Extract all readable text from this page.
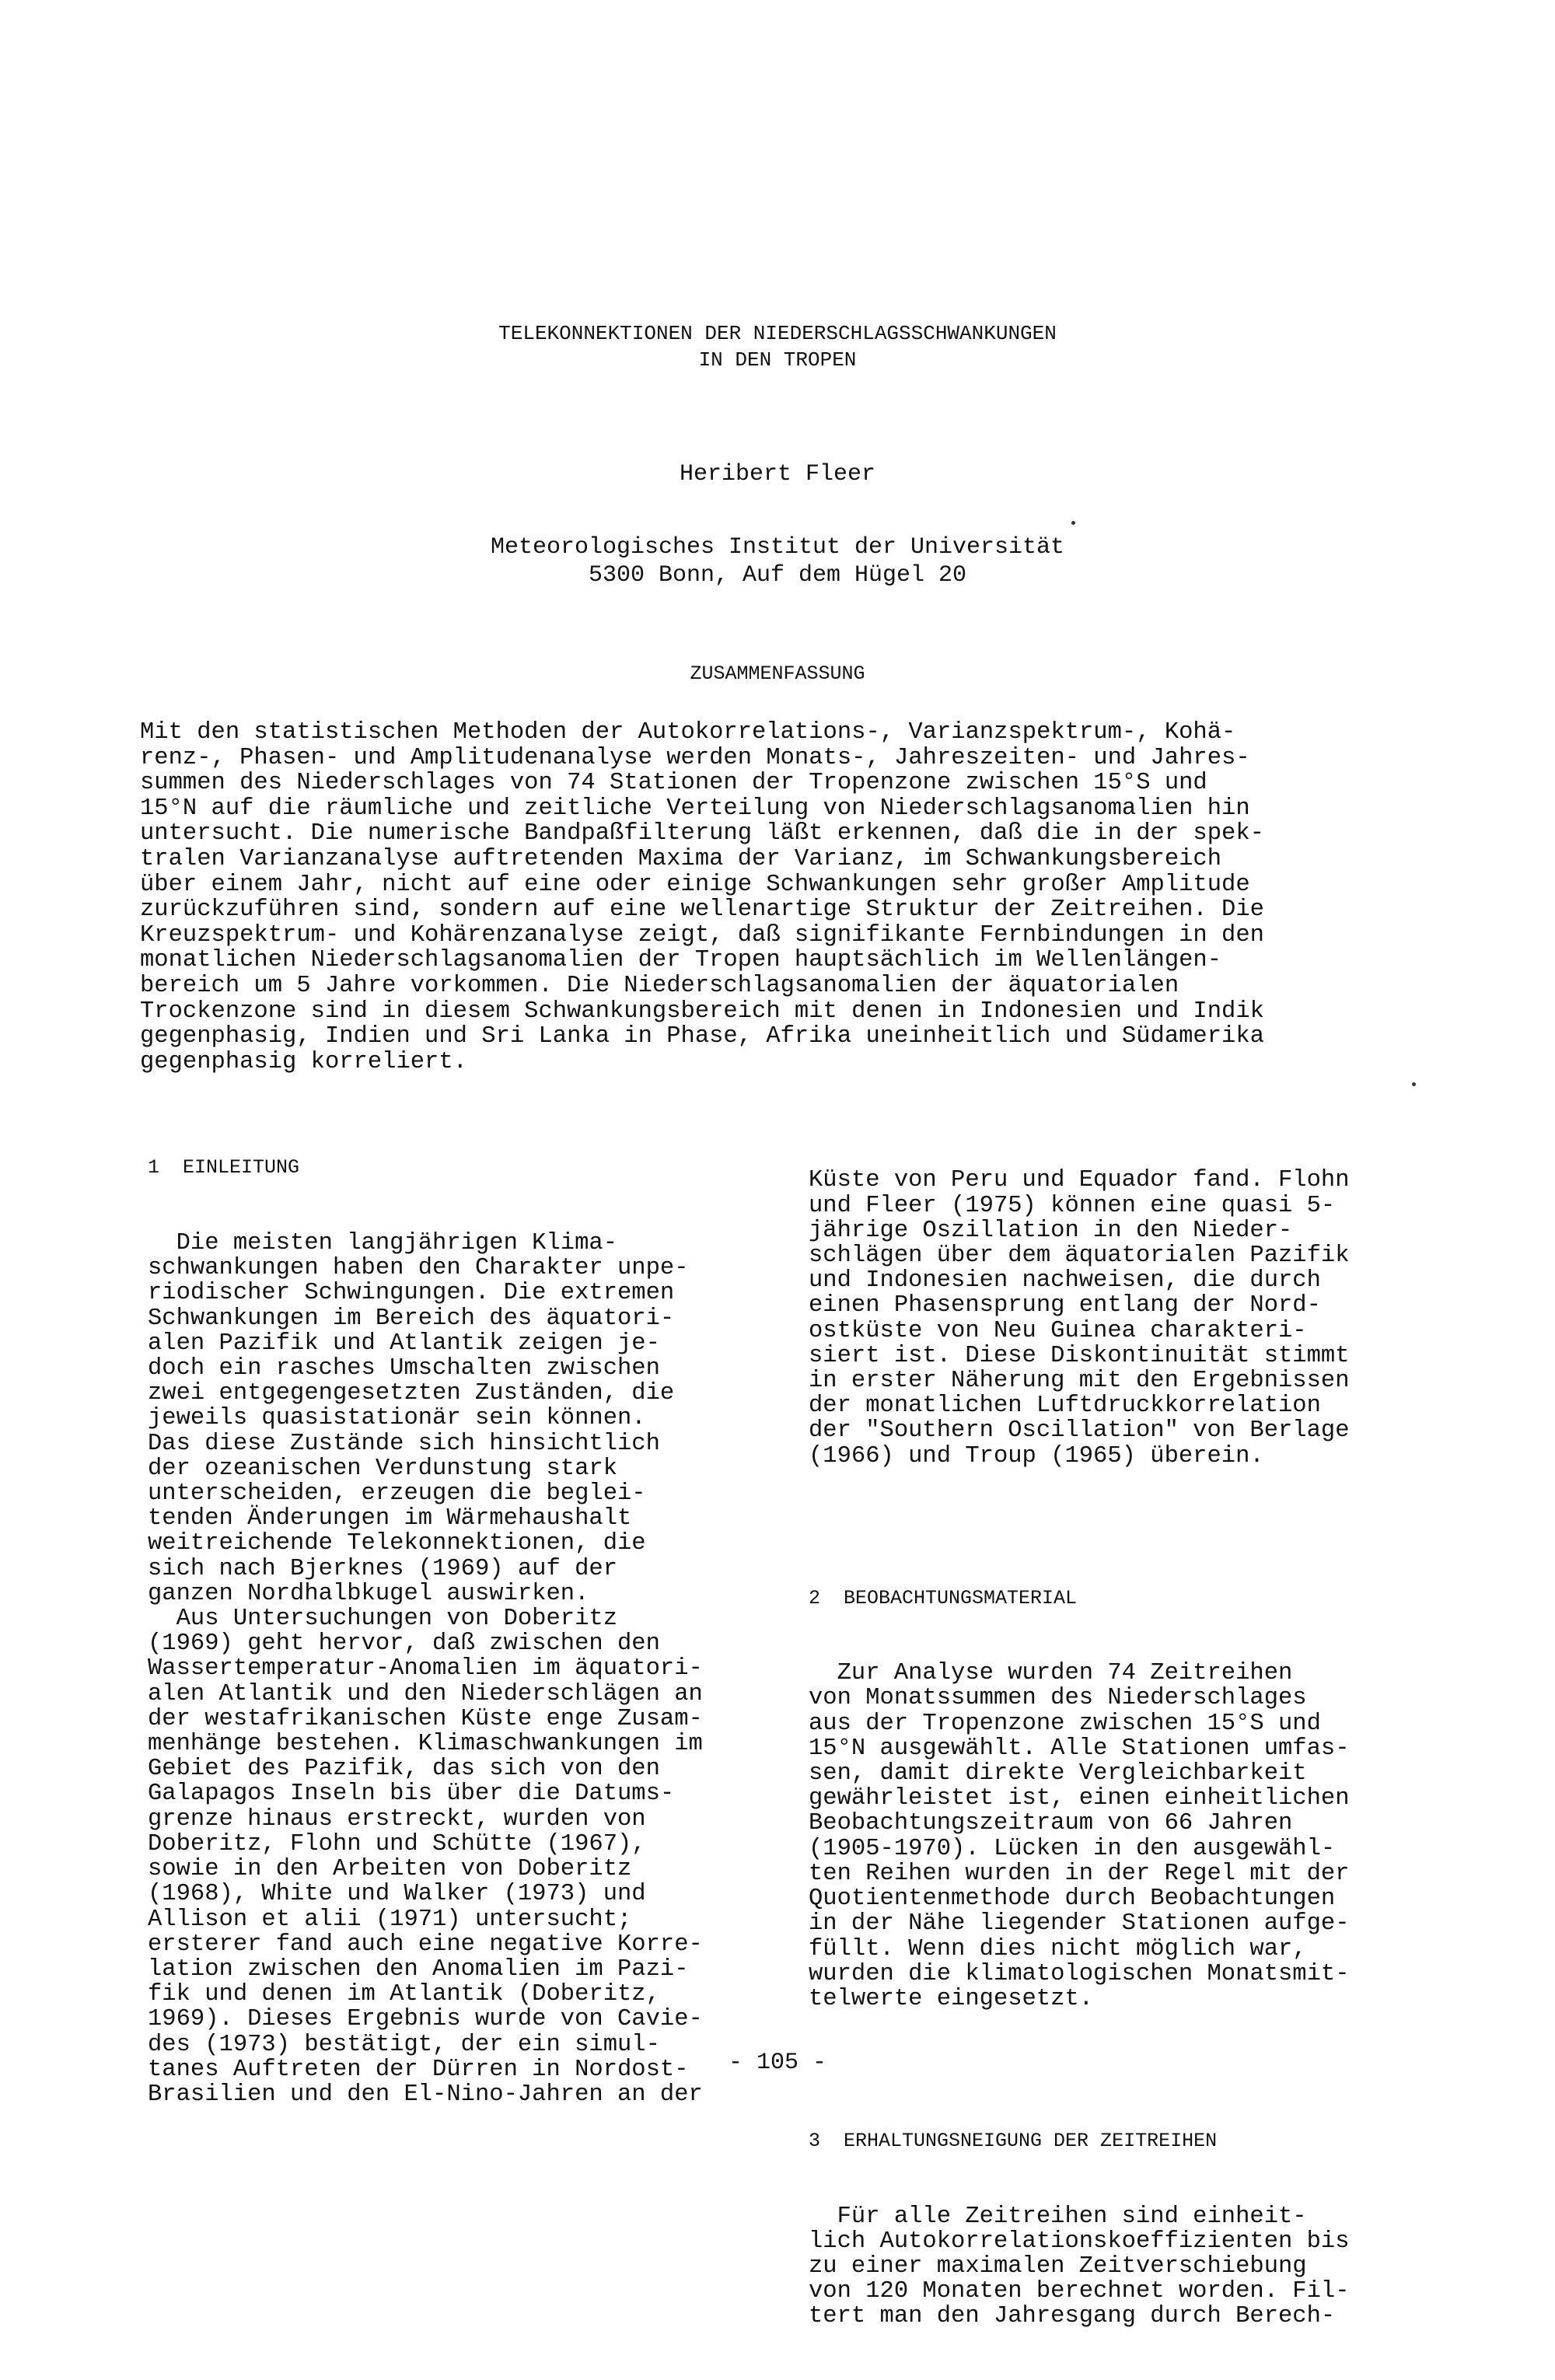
TELEKONNEKTIONEN DER NIEDERSCHLAGSSCHWANKUNGEN
IN DEN TROPEN
Heribert Fleer
Meteorologisches Institut der Universität
5300 Bonn, Auf dem Hügel 20
ZUSAMMENFASSUNG
Mit den statistischen Methoden der Autokorrelations-, Varianzspektrum-, Kohä-
renz-, Phasen- und Amplitudenanalyse werden Monats-, Jahreszeiten- und Jahres-
summen des Niederschlages von 74 Stationen der Tropenzone zwischen 15°S und
15°N auf die räumliche und zeitliche Verteilung von Niederschlagsanomalien hin
untersucht. Die numerische Bandpaßfilterung läßt erkennen, daß die in der spek-
tralen Varianzanalyse auftretenden Maxima der Varianz, im Schwankungsbereich
über einem Jahr, nicht auf eine oder einige Schwankungen sehr großer Amplitude
zurückzuführen sind, sondern auf eine wellenartige Struktur der Zeitreihen. Die
Kreuzspektrum- und Kohärenzanalyse zeigt, daß signifikante Fernbindungen in den
monatlichen Niederschlagsanomalien der Tropen hauptsächlich im Wellenlängen-
bereich um 5 Jahre vorkommen. Die Niederschlagsanomalien der äquatorialen
Trockenzone sind in diesem Schwankungsbereich mit denen in Indonesien und Indik
gegenphasig, Indien und Sri Lanka in Phase, Afrika uneinheitlich und Südamerika
gegenphasig korreliert.

1  EINLEITUNG

Die meisten langjährigen Klima-
schwankungen haben den Charakter unpe-
riodischer Schwingungen. Die extremen
Schwankungen im Bereich des äquatori-
alen Pazifik und Atlantik zeigen je-
doch ein rasches Umschalten zwischen
zwei entgegengesetzten Zuständen, die
jeweils quasistationär sein können.
Das diese Zustände sich hinsichtlich
der ozeanischen Verdunstung stark
unterscheiden, erzeugen die beglei-
tenden Änderungen im Wärmehaushalt
weitreichende Telekonnektionen, die
sich nach Bjerknes (1969) auf der
ganzen Nordhalbkugel auswirken.
Aus Untersuchungen von Doberitz
(1969) geht hervor, daß zwischen den
Wassertemperatur-Anomalien im äquatori-
alen Atlantik und den Niederschlägen an
der westafrikanischen Küste enge Zusam-
menhänge bestehen. Klimaschwankungen im
Gebiet des Pazifik, das sich von den
Galapagos Inseln bis über die Datums-
grenze hinaus erstreckt, wurden von
Doberitz, Flohn und Schütte (1967),
sowie in den Arbeiten von Doberitz
(1968), White und Walker (1973) und
Allison et alii (1971) untersucht;
ersterer fand auch eine negative Korre-
lation zwischen den Anomalien im Pazi-
fik und denen im Atlantik (Doberitz,
1969). Dieses Ergebnis wurde von Cavie-
des (1973) bestätigt, der ein simul-
tanes Auftreten der Dürren in Nordost-
Brasilien und den El-Nino-Jahren an der

Küste von Peru und Equador fand. Flohn
und Fleer (1975) können eine quasi 5-
jährige Oszillation in den Nieder-
schlägen über dem äquatorialen Pazifik
und Indonesien nachweisen, die durch
einen Phasensprung entlang der Nord-
ostküste von Neu Guinea charakteri-
siert ist. Diese Diskontinuität stimmt
in erster Näherung mit den Ergebnissen
der monatlichen Luftdruckkorrelation
der "Southern Oscillation" von Berlage
(1966) und Troup (1965) überein.

2  BEOBACHTUNGSMATERIAL

Zur Analyse wurden 74 Zeitreihen
von Monatssummen des Niederschlages
aus der Tropenzone zwischen 15°S und
15°N ausgewählt. Alle Stationen umfas-
sen, damit direkte Vergleichbarkeit
gewährleistet ist, einen einheitlichen
Beobachtungszeitraum von 66 Jahren
(1905-1970). Lücken in den ausgewähl-
ten Reihen wurden in der Regel mit der
Quotientenmethode durch Beobachtungen
in der Nähe liegender Stationen aufge-
füllt. Wenn dies nicht möglich war,
wurden die klimatologischen Monatsmit-
telwerte eingesetzt.

3  ERHALTUNGSNEIGUNG DER ZEITREIHEN

Für alle Zeitreihen sind einheit-
lich Autokorrelationskoeffizienten bis
zu einer maximalen Zeitverschiebung
von 120 Monaten berechnet worden. Fil-
tert man den Jahresgang durch Berech-

- 105 -
